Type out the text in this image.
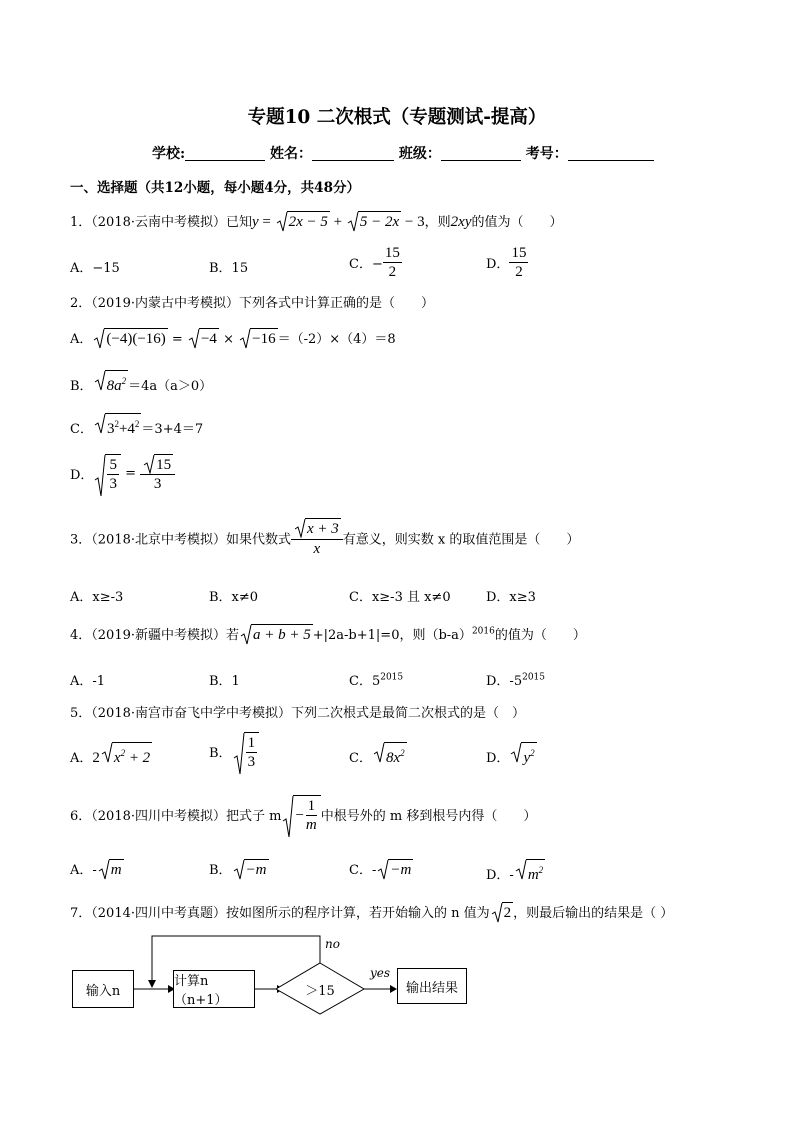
专题10 二次根式（专题测试-提高）
学校:	姓名：	班级：	考号：
一、选择题（共12小题，每小题4分，共48分）
1．（2018·云南中考模拟）已知y =
2x − 5 +
5 − 2x − 3，则2xy的值为（　　）
A．−15	B．15	C．− $\frac{15}{2}$	D． $\frac{15}{2}$
2．（2019·内蒙古中考模拟）下列各式中计算正确的是（　　）
A． (−4)(−16) =
−4 ×
−16 ＝（-2）×（4）＝8
B． $8a^2 =4a(a>0)$
C． $3^2+4^2 =3+4=7$
D． $\frac{5}{3} = \frac{15}{3}$
3．（2018·北京中考模拟）如果代数式 $\frac{x + 3}{x}$ 有意义，则实数 x 的取值范围是（　　）
A．x≥-3	B．x≠0	C．x≥-3 且 x≠0	D．x≥3
4．（2019·新疆中考模拟）若 a + b + 5 +|2a-b+1|=0，则$(b-a)^{2016}$的值为（　　）
A．-1	B．1	C．$5^{2015}$	D．$-5^{2015}$
5．（2018·南宫市奋飞中学中考模拟）下列二次根式是最简二次根式的是（　）
A．2 $x^2 + 2$	B． $\frac{1}{3}$	C． $8x^2$	D． $y^2$
6．（2018·四川中考模拟）把式子 $m - \frac{1}{m}$ 中根号外的 m 移到根号内得（　　）
A．- m	B． −m	C．- −m	D．- $m^2$
7．（2014·四川中考真题）按如图所示的程序计算，若开始输入的 n 值为 2 ，则最后输出的结果是（ ）
输入n
计算n（n+1）
＞15	输出结果
no
yes
